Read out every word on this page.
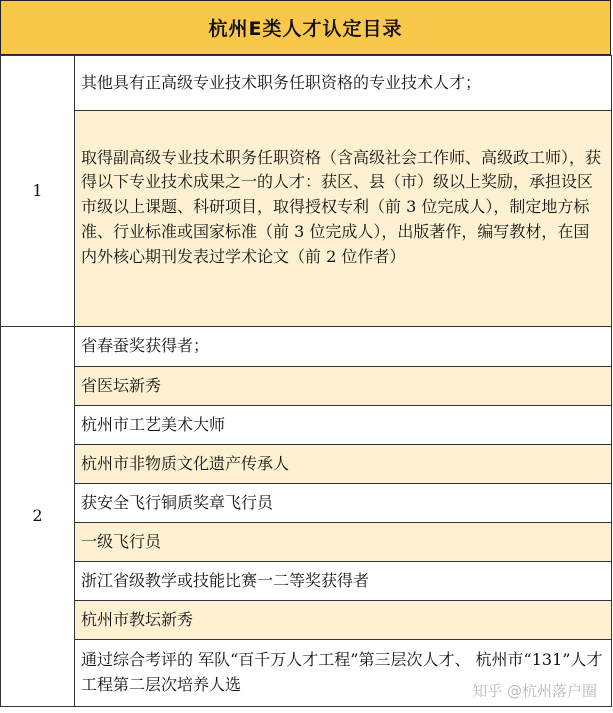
杭州E类人才认定目录
1	其他具有正高级专业技术职务任职资格的专业技术人才；
	取得副高级专业技术职务任职资格（含高级社会工作师、高级政工师），获得以下专业技术成果之一的人才：获区、县（市）级以上奖励，承担设区市级以上课题、科研项目，取得授权专利（前 3 位完成人），制定地方标准、行业标准或国家标准（前 3 位完成人），出版著作，编写教材，在国内外核心期刊发表过学术论文（前 2 位作者）
2	省春蚕奖获得者；
	省医坛新秀
	杭州市工艺美术大师
	杭州市非物质文化遗产传承人
	获安全飞行铜质奖章飞行员
	一级飞行员
	浙江省级教学或技能比赛一二等奖获得者
	杭州市教坛新秀
	通过综合考评的 军队“百千万人才工程”第三层次人才、 杭州市“131”人才工程第二层次培养人选	知乎 @杭州落户圈
